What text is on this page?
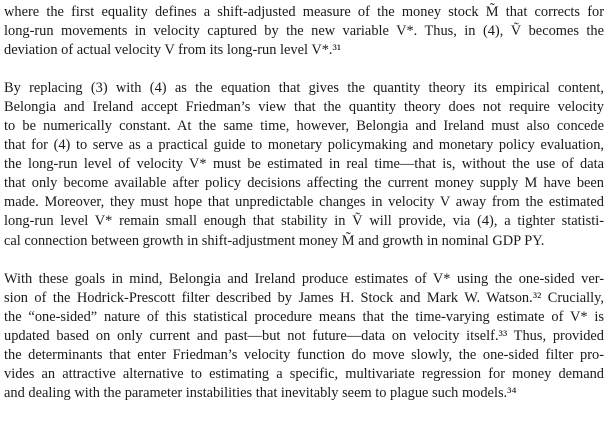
where the first equality defines a shift-adjusted measure of the money stock M̃ that corrects for
long-run movements in velocity captured by the new variable V*. Thus, in (4), Ṽ becomes the
deviation of actual velocity V from its long-run level V*.³¹

By replacing (3) with (4) as the equation that gives the quantity theory its empirical content,
Belongia and Ireland accept Friedman’s view that the quantity theory does not require velocity
to be numerically constant. At the same time, however, Belongia and Ireland must also concede
that for (4) to serve as a practical guide to monetary policymaking and monetary policy evaluation,
the long-run level of velocity V* must be estimated in real time—that is, without the use of data
that only become available after policy decisions affecting the current money supply M have been
made. Moreover, they must hope that unpredictable changes in velocity V away from the estimated
long-run level V* remain small enough that stability in Ṽ will provide, via (4), a tighter statisti-
cal connection between growth in shift-adjustment money M̃ and growth in nominal GDP PY.

With these goals in mind, Belongia and Ireland produce estimates of V* using the one-sided ver-
sion of the Hodrick-Prescott filter described by James H. Stock and Mark W. Watson.³² Crucially,
the “one-sided” nature of this statistical procedure means that the time-varying estimate of V* is
updated based on only current and past—but not future—data on velocity itself.³³ Thus, provided
the determinants that enter Friedman’s velocity function do move slowly, the one-sided filter pro-
vides an attractive alternative to estimating a specific, multivariate regression for money demand
and dealing with the parameter instabilities that inevitably seem to plague such models.³⁴
